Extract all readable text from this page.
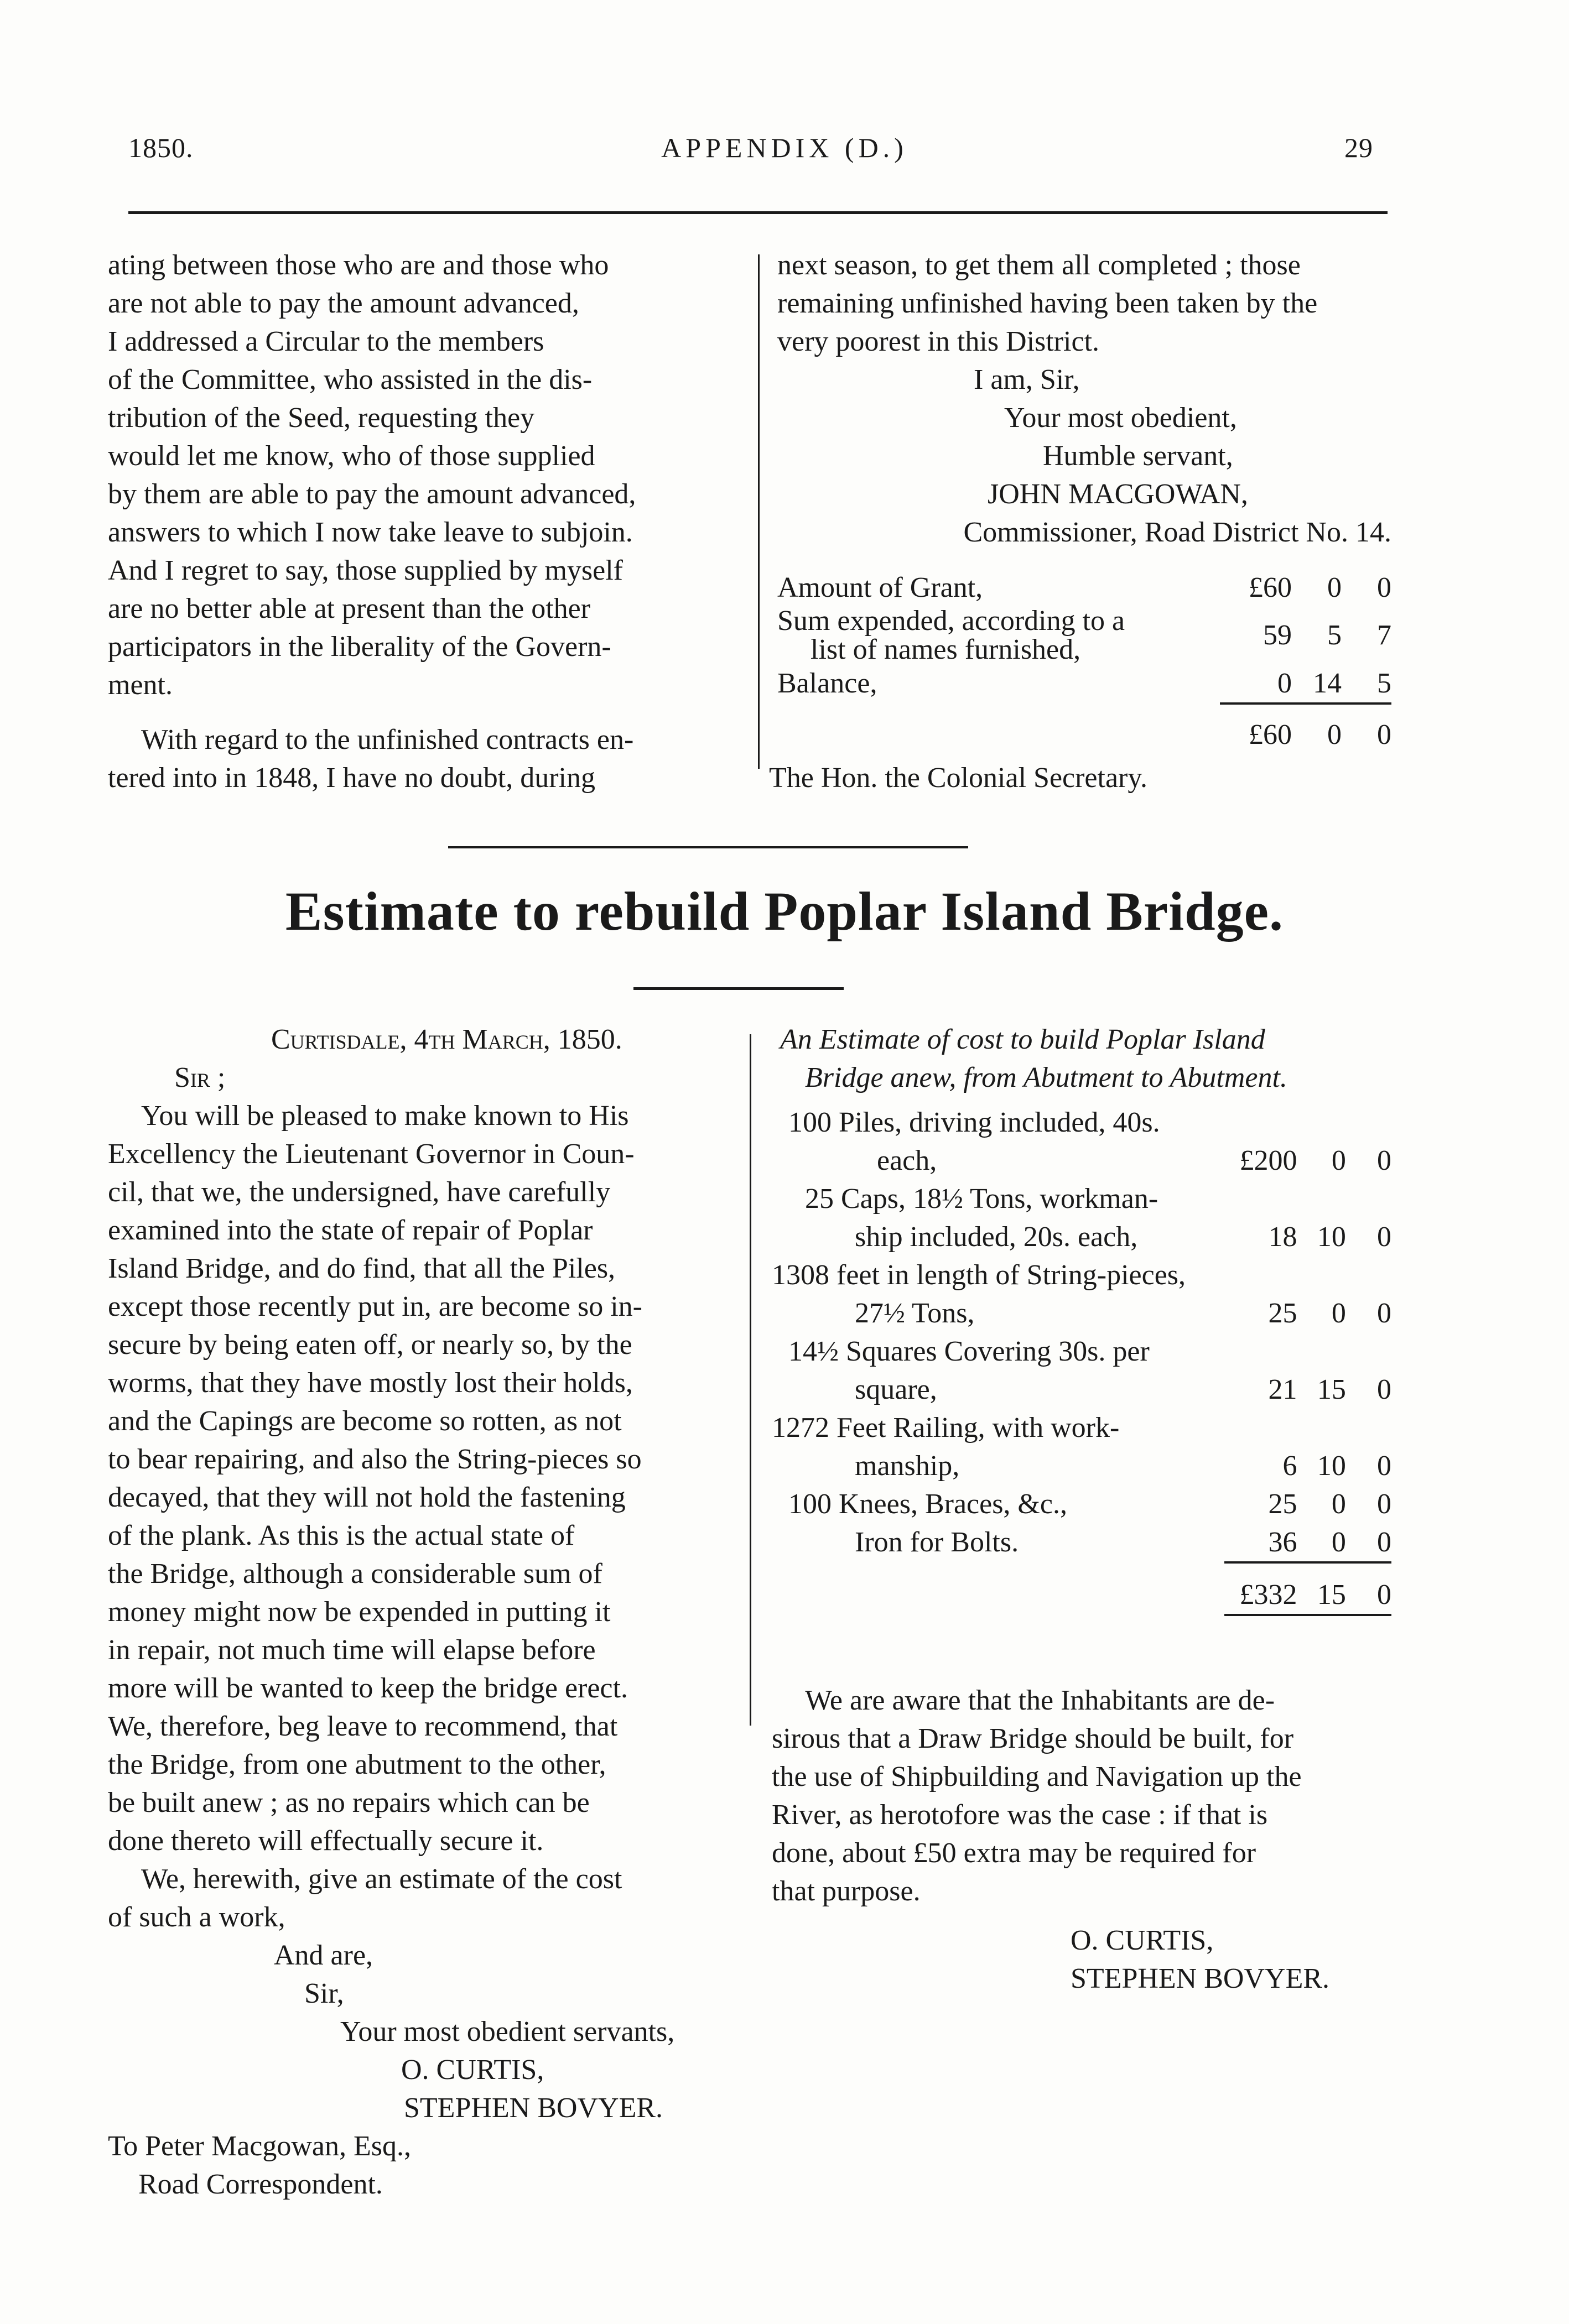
1850.	APPENDIX (D.)	29

ating between those who are and those who

are not able to pay the amount advanced,

I addressed a Circular to the members

of the Committee, who assisted in the dis-

tribution of the Seed, requesting they

would let me know, who of those supplied

by them are able to pay the amount advanced,

answers to which I now take leave to subjoin.

And I regret to say, those supplied by myself

are no better able at present than the other

participators in the liberality of the Govern-

ment.

With regard to the unfinished contracts en-

tered into in 1848, I have no doubt, during

next season, to get them all completed ; those

remaining unfinished having been taken by the

very poorest in this District.

I am, Sir,

Your most obedient,

Humble servant,

JOHN MACGOWAN,

Commissioner, Road District No. 14.

Amount of Grant,	£60	0	0

Sum expended, according to a
list of names furnished,	59	5	7
Balance,	0	14	5
	£60	0	0
The Hon. the Colonial Secretary.
Estimate to rebuild Poplar Island Bridge.

Curtisdale, 4th March, 1850.

Sir ;

You will be pleased to make known to His

Excellency the Lieutenant Governor in Coun-

cil, that we, the undersigned, have carefully

examined into the state of repair of Poplar

Island Bridge, and do find, that all the Piles,

except those recently put in, are become so in-

secure by being eaten off, or nearly so, by the

worms, that they have mostly lost their holds,

and the Capings are become so rotten, as not

to bear repairing, and also the String-pieces so

decayed, that they will not hold the fastening

of the plank. As this is the actual state of

the Bridge, although a considerable sum of

money might now be expended in putting it

in repair, not much time will elapse before

more will be wanted to keep the bridge erect.

We, therefore, beg leave to recommend, that

the Bridge, from one abutment to the other,

be built anew ; as no repairs which can be

done thereto will effectually secure it.

We, herewith, give an estimate of the cost

of such a work,

And are,

Sir,

Your most obedient servants,

O. CURTIS,

STEPHEN BOVYER.

To Peter Macgowan, Esq.,

Road Correspondent.

An Estimate of cost to build Poplar Island

Bridge anew, from Abutment to Abutment.

100 Piles, driving included, 40s.			
each,	£200	0	0
25 Caps, 18½ Tons, workman-			
ship included, 20s. each,	18	10	0
1308 feet in length of String-pieces,			
27½ Tons,	25	0	0
14½ Squares Covering 30s. per			
square,	21	15	0
1272 Feet Railing, with work-			
manship,	6	10	0
100 Knees, Braces, &c.,	25	0	0
Iron for Bolts.	36	0	0
	£332	15	0

We are aware that the Inhabitants are de-

sirous that a Draw Bridge should be built, for

the use of Shipbuilding and Navigation up the

River, as herotofore was the case : if that is

done, about £50 extra may be required for

that purpose.

O. CURTIS,

STEPHEN BOVYER.
